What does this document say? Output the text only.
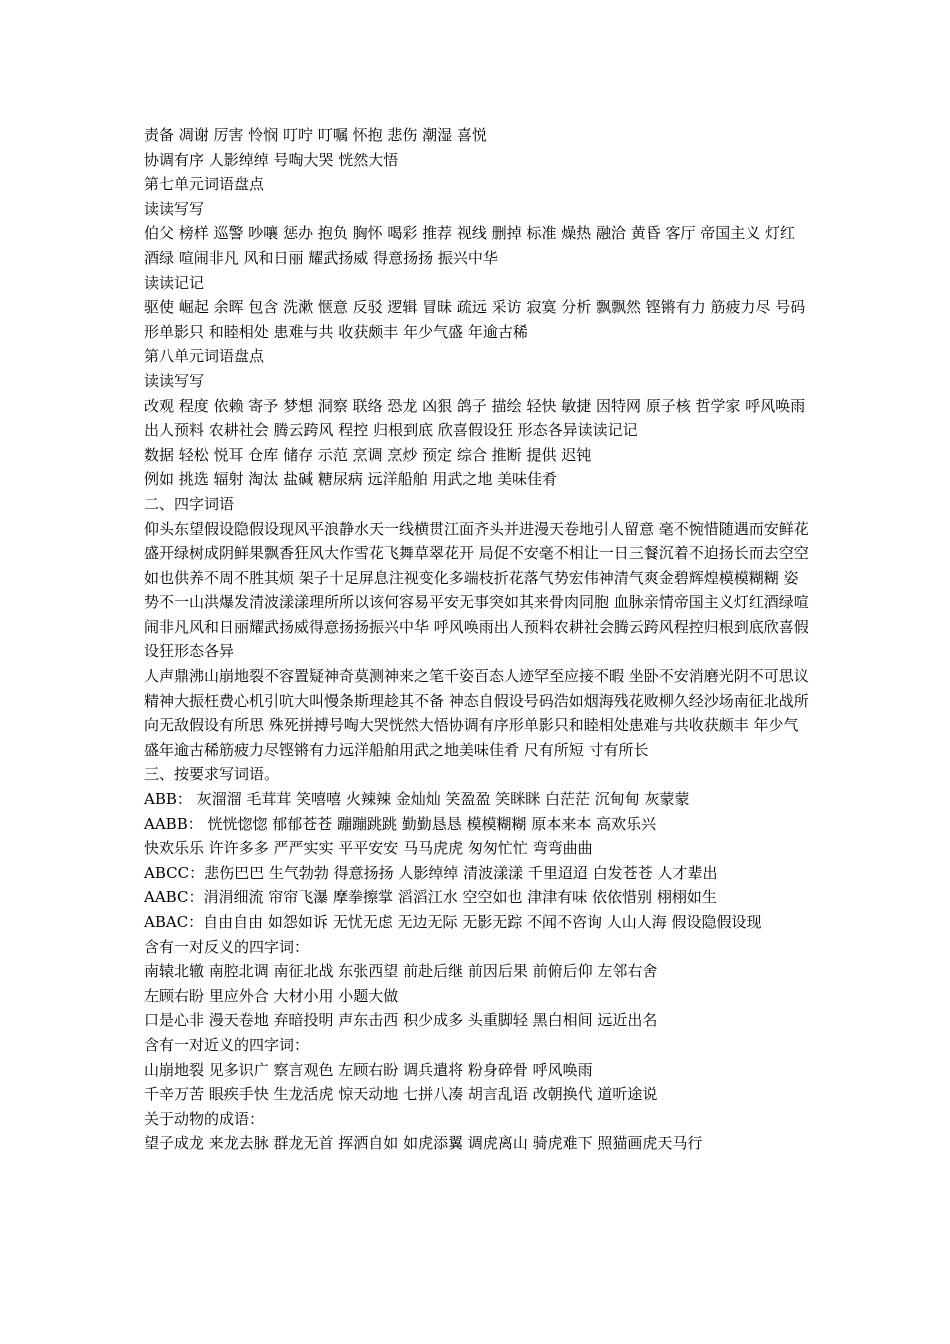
责备 凋谢 厉害 怜悯 叮咛 叮嘱 怀抱 悲伤 潮湿 喜悦

协调有序 人影绰绰 号啕大哭 恍然大悟

第七单元词语盘点

读读写写

伯父 榜样 巡警 吵嚷 惩办 抱负 胸怀 喝彩 推荐 视线 删掉 标准 燥热 融洽 黄昏 客厅 帝国主义 灯红酒绿 喧闹非凡 风和日丽 耀武扬威 得意扬扬 振兴中华

读读记记

驱使 崛起 余晖 包含 洗漱 惬意 反驳 逻辑 冒昧 疏远 采访 寂寞 分析 飘飘然 铿锵有力 筋疲力尽 号码 形单影只 和睦相处 患难与共 收获颇丰 年少气盛 年逾古稀

第八单元词语盘点

读读写写

改观 程度 依赖 寄予 梦想 洞察 联络 恐龙 凶狠 鸽子 描绘 轻快 敏捷 因特网 原子核 哲学家 呼风唤雨 出人预料 农耕社会 腾云跨风 程控 归根到底 欣喜假设狂 形态各异读读记记

数据 轻松 悦耳 仓库 储存 示范 烹调 烹炒 预定 综合 推断 提供 迟钝

例如 挑选 辐射 淘汰 盐碱 糖尿病 远洋船舶 用武之地 美味佳肴

二、四字词语

仰头东望假设隐假设现风平浪静水天一线横贯江面齐头并进漫天卷地引人留意 毫不惋惜随遇而安鲜花盛开绿树成阴鲜果飘香狂风大作雪花飞舞草翠花开 局促不安毫不相让一日三餐沉着不迫扬长而去空空如也供养不周不胜其烦 架子十足屏息注视变化多端枝折花落气势宏伟神清气爽金碧辉煌模模糊糊 姿势不一山洪爆发清波漾漾理所所以该何容易平安无事突如其来骨肉同胞 血脉亲情帝国主义灯红酒绿喧闹非凡风和日丽耀武扬威得意扬扬振兴中华 呼风唤雨出人预料农耕社会腾云跨风程控归根到底欣喜假设狂形态各异

人声鼎沸山崩地裂不容置疑神奇莫测神来之笔千姿百态人迹罕至应接不暇 坐卧不安消磨光阴不可思议精神大振枉费心机引吭大叫慢条斯理趁其不备 神态自假设号码浩如烟海残花败柳久经沙场南征北战所向无敌假设有所思 殊死拼搏号啕大哭恍然大悟协调有序形单影只和睦相处患难与共收获颇丰 年少气盛年逾古稀筋疲力尽铿锵有力远洋船舶用武之地美味佳肴 尺有所短 寸有所长

三、按要求写词语。

ABB： 灰溜溜 毛茸茸 笑嘻嘻 火辣辣 金灿灿 笑盈盈 笑眯眯 白茫茫 沉甸甸 灰蒙蒙

AABB： 恍恍惚惚 郁郁苍苍 蹦蹦跳跳 勤勤恳恳 模模糊糊 原本来本 高欢乐兴

快欢乐乐 许许多多 严严实实 平平安安 马马虎虎 匆匆忙忙 弯弯曲曲

ABCC：悲伤巴巴 生气勃勃 得意扬扬 人影绰绰 清波漾漾 千里迢迢 白发苍苍 人才辈出

AABC：涓涓细流 帘帘飞瀑 摩拳擦掌 滔滔江水 空空如也 津津有味 依依惜别 栩栩如生

ABAC：自由自由 如怨如诉 无忧无虑 无边无际 无影无踪 不闻不咨询 人山人海 假设隐假设现

含有一对反义的四字词：

南辕北辙 南腔北调 南征北战 东张西望 前赴后继 前因后果 前俯后仰 左邻右舍

左顾右盼 里应外合 大材小用 小题大做

口是心非 漫天卷地 弃暗投明 声东击西 积少成多 头重脚轻 黑白相间 远近出名

含有一对近义的四字词：

山崩地裂 见多识广 察言观色 左顾右盼 调兵遣将 粉身碎骨 呼风唤雨

千辛万苦 眼疾手快 生龙活虎 惊天动地 七拼八凑 胡言乱语 改朝换代 道听途说

关于动物的成语：

望子成龙 来龙去脉 群龙无首 挥洒自如 如虎添翼 调虎离山 骑虎难下 照猫画虎天马行
